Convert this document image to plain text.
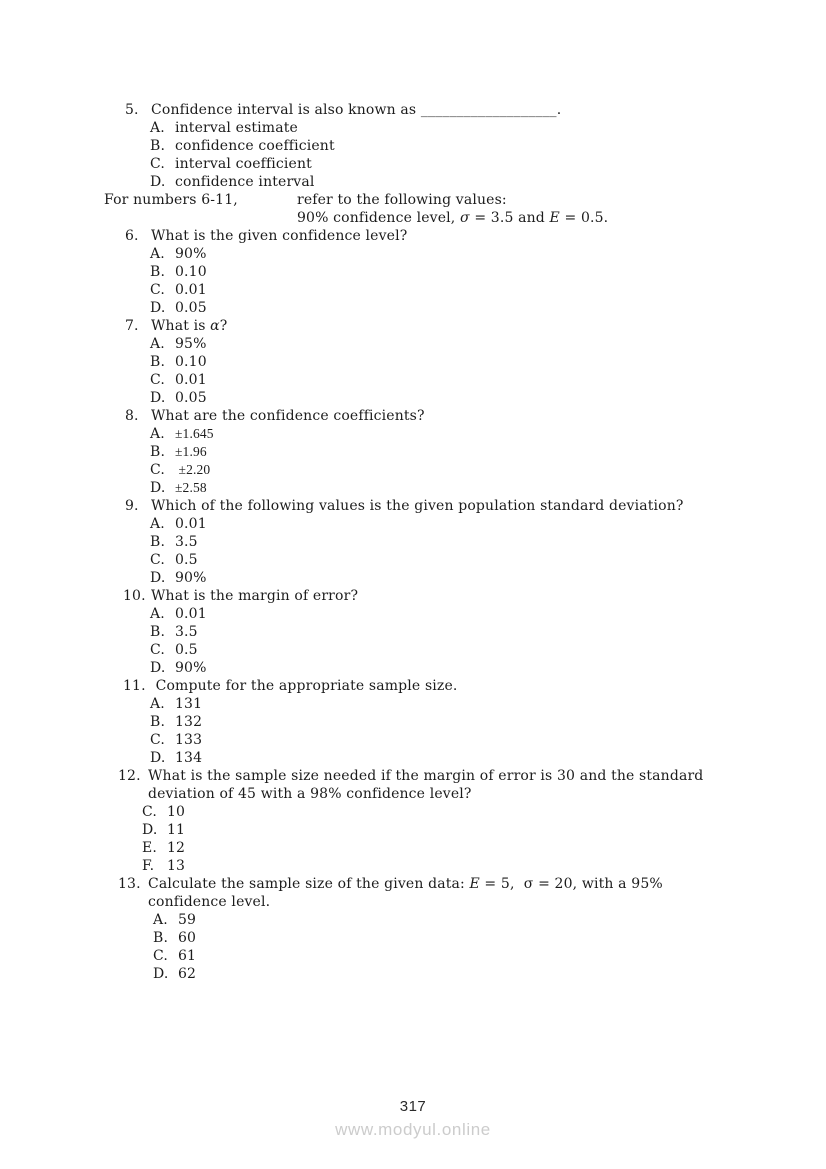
5. Confidence interval is also known as ___________________.
A. interval estimate
B. confidence coefficient
C. interval coefficient
D. confidence interval
For numbers 6-11,	refer to the following values:
90% confidence level, σ = 3.5 and E = 0.5.
6. What is the given confidence level?
A. 90%
B. 0.10
C. 0.01
D. 0.05
7. What is α?
A. 95%
B. 0.10
C. 0.01
D. 0.05
8. What are the confidence coefficients?
A. ±1.645
B. ±1.96
C. ±2.20
D. ±2.58
9. Which of the following values is the given population standard deviation?
A. 0.01
B. 3.5
C. 0.5
D. 90%
10. What is the margin of error?
A. 0.01
B. 3.5
C. 0.5
D. 90%
11. Compute for the appropriate sample size.
A. 131
B. 132
C. 133
D. 134
12. What is the sample size needed if the margin of error is 30 and the standard
deviation of 45 with a 98% confidence level?
C. 10
D. 11
E. 12
F. 13
13. Calculate the sample size of the given data: E = 5,  σ = 20, with a 95%
confidence level.
A. 59
B. 60
C. 61
D. 62
317
www.modyul.online
